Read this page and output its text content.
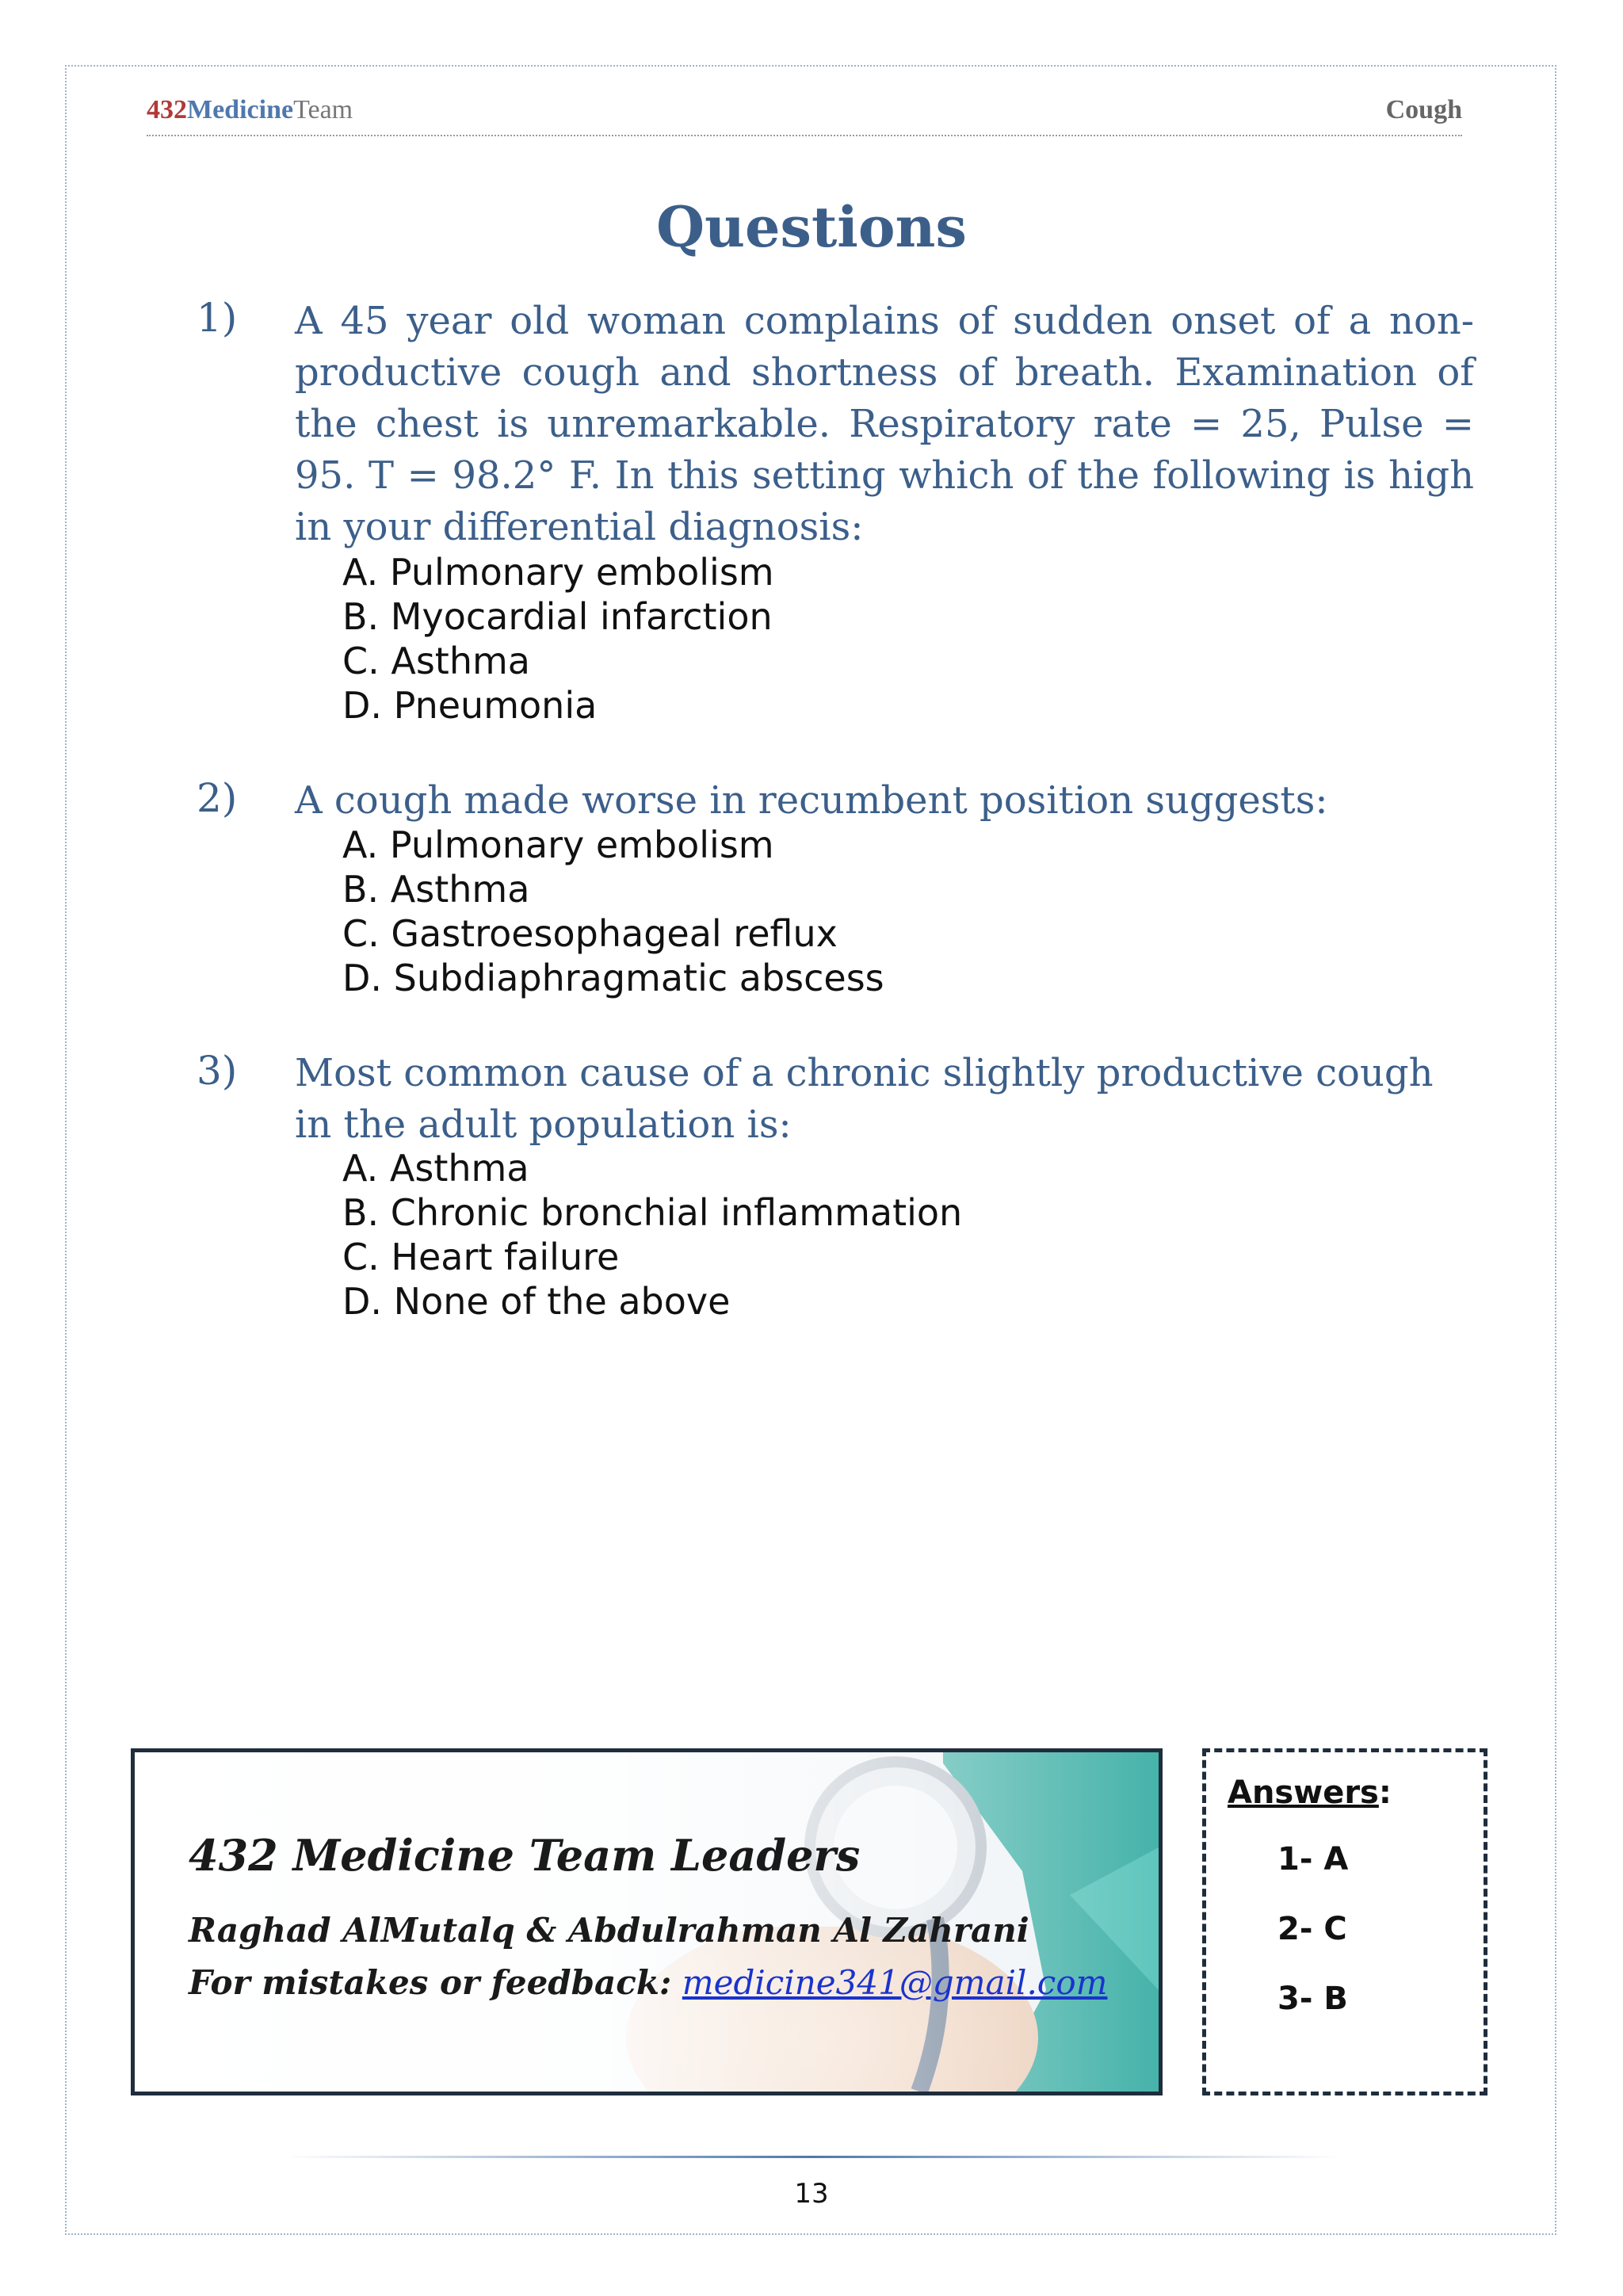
432MedicineTeam	Cough
Questions
1) A 45 year old woman complains of sudden onset of a non-productive cough and shortness of breath. Examination of the chest is unremarkable. Respiratory rate = 25, Pulse = 95. T = 98.2° F. In this setting which of the following is high in your differential diagnosis:
A. Pulmonary embolism
B. Myocardial infarction
C. Asthma
D. Pneumonia
2) A cough made worse in recumbent position suggests:
A. Pulmonary embolism
B. Asthma
C. Gastroesophageal reflux
D. Subdiaphragmatic abscess
3) Most common cause of a chronic slightly productive cough in the adult population is:
A. Asthma
B. Chronic bronchial inflammation
C. Heart failure
D. None of the above
432 Medicine Team Leaders
Raghad AlMutalq & Abdulrahman Al Zahrani
For mistakes or feedback: medicine341@gmail.com
Answers:
1- A
2- C
3- B
13
